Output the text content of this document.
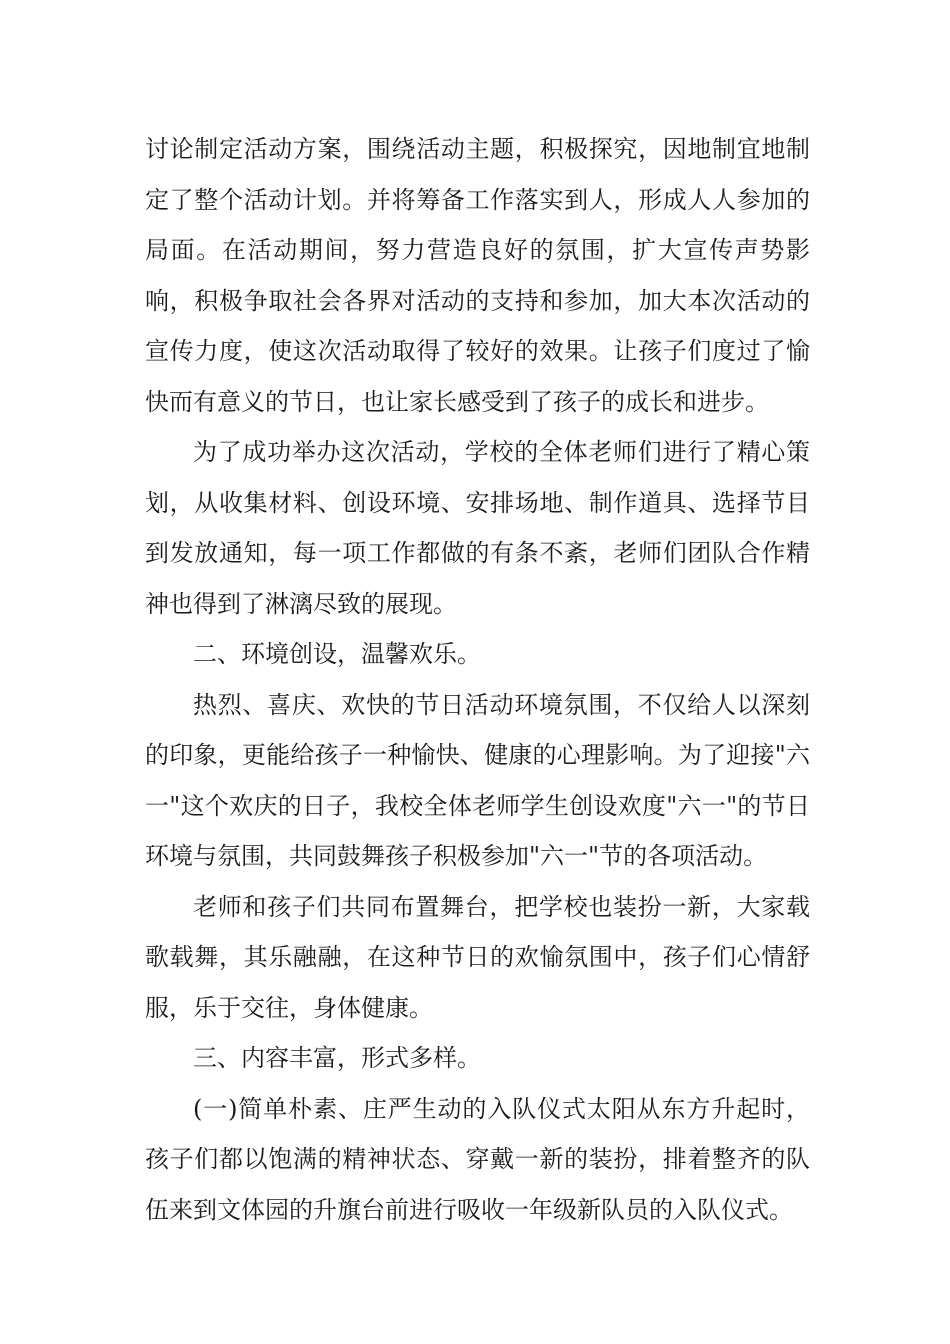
讨论制定活动方案，围绕活动主题，积极探究，因地制宜地制定了整个活动计划。并将筹备工作落实到人，形成人人参加的局面。在活动期间，努力营造良好的氛围，扩大宣传声势影响，积极争取社会各界对活动的支持和参加，加大本次活动的宣传力度，使这次活动取得了较好的效果。让孩子们度过了愉快而有意义的节日，也让家长感受到了孩子的成长和进步。

为了成功举办这次活动，学校的全体老师们进行了精心策划，从收集材料、创设环境、安排场地、制作道具、选择节目到发放通知，每一项工作都做的有条不紊，老师们团队合作精神也得到了淋漓尽致的展现。

二、环境创设，温馨欢乐。

热烈、喜庆、欢快的节日活动环境氛围，不仅给人以深刻的印象，更能给孩子一种愉快、健康的心理影响。为了迎接"六一"这个欢庆的日子，我校全体老师学生创设欢度"六一"的节日环境与氛围，共同鼓舞孩子积极参加"六一"节的各项活动。

老师和孩子们共同布置舞台，把学校也装扮一新，大家载歌载舞，其乐融融，在这种节日的欢愉氛围中，孩子们心情舒服，乐于交往，身体健康。

三、内容丰富，形式多样。

(一)简单朴素、庄严生动的入队仪式太阳从东方升起时，孩子们都以饱满的精神状态、穿戴一新的装扮，排着整齐的队伍来到文体园的升旗台前进行吸收一年级新队员的入队仪式。
